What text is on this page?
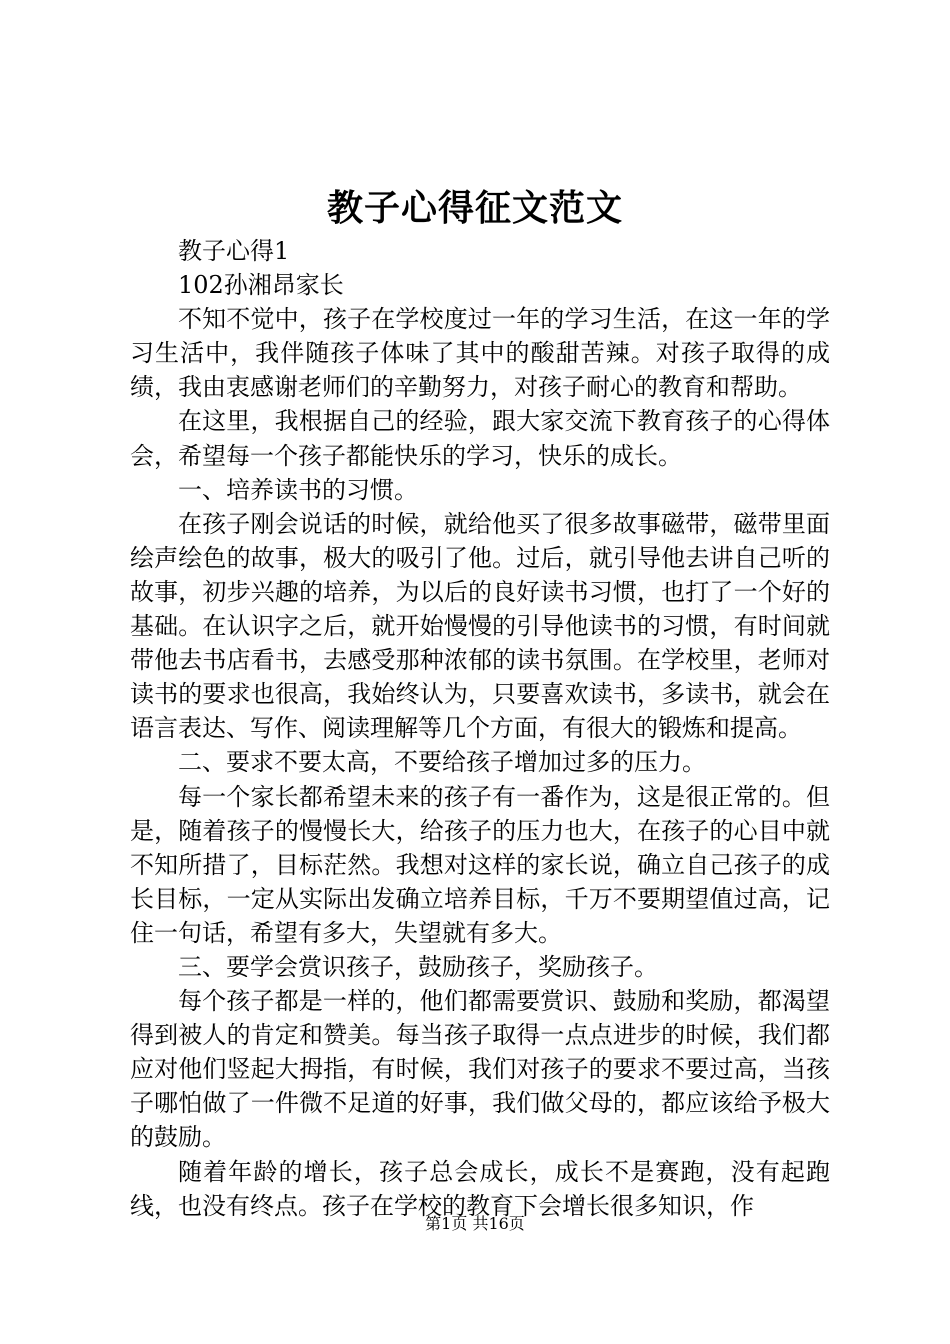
教子心得征文范文

教子心得1

102孙湘昂家长

不知不觉中，孩子在学校度过一年的学习生活，在这一年的学习生活中，我伴随孩子体味了其中的酸甜苦辣。对孩子取得的成绩，我由衷感谢老师们的辛勤努力，对孩子耐心的教育和帮助。

在这里，我根据自己的经验，跟大家交流下教育孩子的心得体会，希望每一个孩子都能快乐的学习，快乐的成长。

一、培养读书的习惯。

在孩子刚会说话的时候，就给他买了很多故事磁带，磁带里面绘声绘色的故事，极大的吸引了他。过后，就引导他去讲自己听的故事，初步兴趣的培养，为以后的良好读书习惯，也打了一个好的基础。在认识字之后，就开始慢慢的引导他读书的习惯，有时间就带他去书店看书，去感受那种浓郁的读书氛围。在学校里，老师对读书的要求也很高，我始终认为，只要喜欢读书，多读书，就会在语言表达、写作、阅读理解等几个方面，有很大的锻炼和提高。

二、要求不要太高，不要给孩子增加过多的压力。

每一个家长都希望未来的孩子有一番作为，这是很正常的。但是，随着孩子的慢慢长大，给孩子的压力也大，在孩子的心目中就不知所措了，目标茫然。我想对这样的家长说，确立自己孩子的成长目标，一定从实际出发确立培养目标，千万不要期望值过高，记住一句话，希望有多大，失望就有多大。

三、要学会赏识孩子，鼓励孩子，奖励孩子。

每个孩子都是一样的，他们都需要赏识、鼓励和奖励，都渴望得到被人的肯定和赞美。每当孩子取得一点点进步的时候，我们都应对他们竖起大拇指，有时候，我们对孩子的要求不要过高，当孩子哪怕做了一件微不足道的好事，我们做父母的，都应该给予极大的鼓励。

随着年龄的增长，孩子总会成长，成长不是赛跑，没有起跑线，也没有终点。孩子在学校的教育下会增长很多知识，作

第1页 共16页
